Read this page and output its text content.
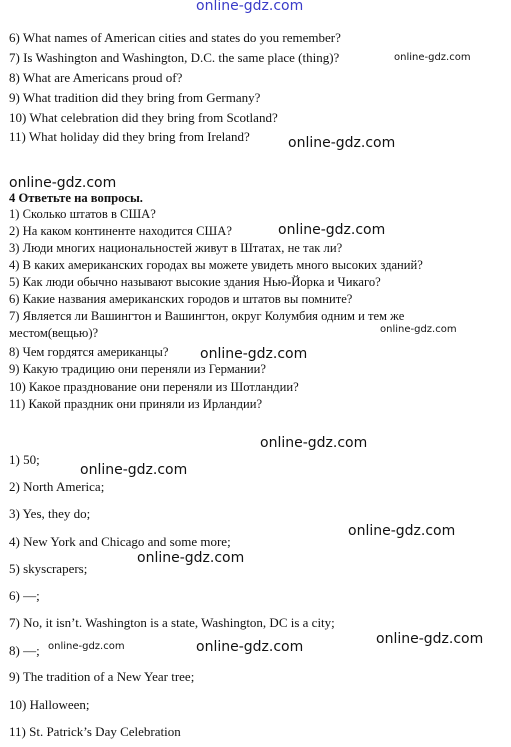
online-gdz.com
6) What names of American cities and states do you remember?
7) Is Washington and Washington, D.C. the same place (thing)?
8) What are Americans proud of?
9) What tradition did they bring from Germany?
10) What celebration did they bring from Scotland?
11) What holiday did they bring from Ireland?
4 Ответьте на вопросы.
1) Сколько штатов в США?
2) На каком континенте находится США?
3) Люди многих национальностей живут в Штатах, не так ли?
4) В каких американских городах вы можете увидеть много высоких зданий?
5) Как люди обычно называют высокие здания Нью-Йорка и Чикаго?
6) Какие названия американских городов и штатов вы помните?
7) Является ли Вашингтон и Вашингтон, округ Колумбия одним и тем же
местом(вещью)?
8) Чем гордятся американцы?
9) Какую традицию они переняли из Германии?
10) Какое празднование они переняли из Шотландии?
11) Какой праздник они приняли из Ирландии?
1) 50;
2) North America;
3) Yes, they do;
4) New York and Chicago and some more;
5) skyscrapers;
6) —;
7) No, it isn’t. Washington is a state, Washington, DC is a city;
8) —;
9) The tradition of a New Year tree;
10) Halloween;
11) St. Patrick’s Day Celebration
online-gdz.com
online-gdz.com
online-gdz.com
online-gdz.com
online-gdz.com
online-gdz.com
online-gdz.com
online-gdz.com
online-gdz.com
online-gdz.com
online-gdz.com
online-gdz.com	online-gdz.com
